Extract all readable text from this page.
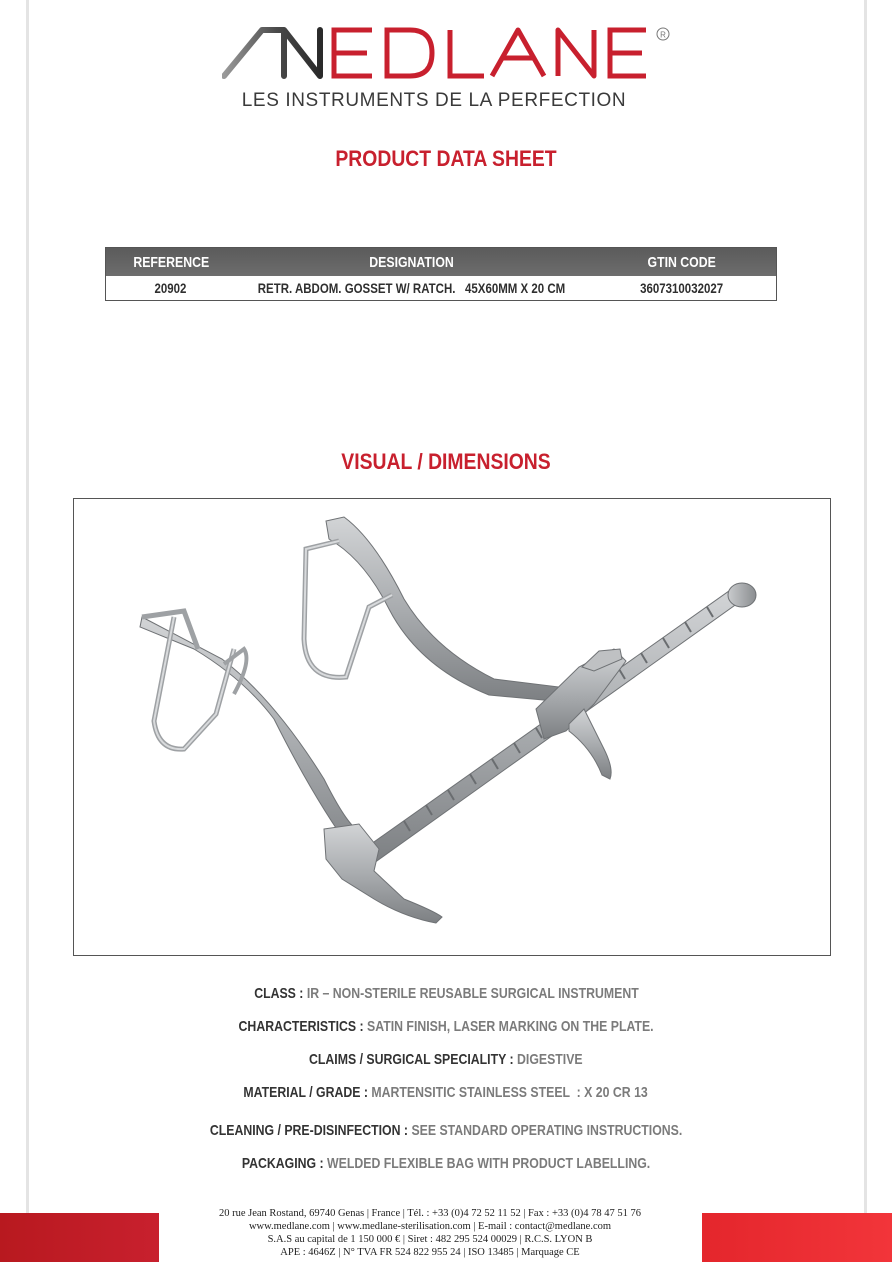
R
LES INSTRUMENTS DE LA PERFECTION
PRODUCT DATA SHEET
REFERENCE	DESIGNATION	GTIN CODE
20902	RETR. ABDOM. GOSSET W/ RATCH.   45X60MM X 20 CM	3607310032027
VISUAL / DIMENSIONS
CLASS : IR – NON-STERILE REUSABLE SURGICAL INSTRUMENT
CHARACTERISTICS : SATIN FINISH, LASER MARKING ON THE PLATE.
CLAIMS / SURGICAL SPECIALITY : DIGESTIVE
MATERIAL / GRADE : MARTENSITIC STAINLESS STEEL  : X 20 CR 13
CLEANING / PRE-DISINFECTION : SEE STANDARD OPERATING INSTRUCTIONS.
PACKAGING : WELDED FLEXIBLE BAG WITH PRODUCT LABELLING.
20 rue Jean Rostand, 69740 Genas | France | Tél. : +33 (0)4 72 52 11 52 | Fax : +33 (0)4 78 47 51 76
www.medlane.com | www.medlane-sterilisation.com | E-mail : contact@medlane.com
S.A.S au capital de 1 150 000 € | Siret : 482 295 524 00029 | R.C.S. LYON B
APE : 4646Z | N° TVA FR 524 822 955 24 | ISO 13485 | Marquage CE
